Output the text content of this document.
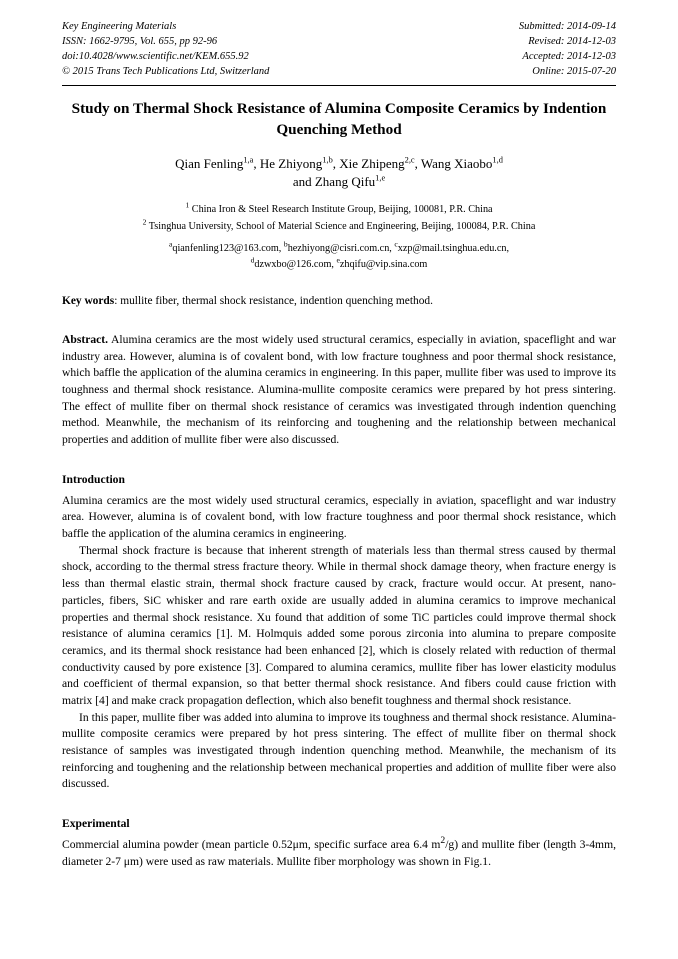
Key Engineering Materials
ISSN: 1662-9795, Vol. 655, pp 92-96
doi:10.4028/www.scientific.net/KEM.655.92
© 2015 Trans Tech Publications Ltd, Switzerland
Submitted: 2014-09-14
Revised: 2014-12-03
Accepted: 2014-12-03
Online: 2015-07-20
Study on Thermal Shock Resistance of Alumina Composite Ceramics by Indention Quenching Method
Qian Fenling$^{1,a}$, He Zhiyong$^{1,b}$, Xie Zhipeng$^{2,c}$, Wang Xiaobo$^{1,d}$
and Zhang Qifu$^{1,e}$
$^1$ China Iron & Steel Research Institute Group, Beijing, 100081, P.R. China
$^2$ Tsinghua University, School of Material Science and Engineering, Beijing, 100084, P.R. China
$^a$qianfenling123@163.com, $^b$hezhiyong@cisri.com.cn, $^c$xzp@mail.tsinghua.edu.cn,
$^d$dzwxbo@126.com, $^e$zhqifu@vip.sina.com
Key words: mullite fiber, thermal shock resistance, indention quenching method.
Abstract. Alumina ceramics are the most widely used structural ceramics, especially in aviation, spaceflight and war industry area. However, alumina is of covalent bond, with low fracture toughness and poor thermal shock resistance, which baffle the application of the alumina ceramics in engineering. In this paper, mullite fiber was used to improve its toughness and thermal shock resistance. Alumina-mullite composite ceramics were prepared by hot press sintering. The effect of mullite fiber on thermal shock resistance of ceramics was investigated through indention quenching method. Meanwhile, the mechanism of its reinforcing and toughening and the relationship between mechanical properties and addition of mullite fiber were also discussed.
Introduction

Alumina ceramics are the most widely used structural ceramics, especially in aviation, spaceflight and war industry area. However, alumina is of covalent bond, with low fracture toughness and poor thermal shock resistance, which baffle the application of the alumina ceramics in engineering.

Thermal shock fracture is because that inherent strength of materials less than thermal stress caused by thermal shock, according to the thermal stress fracture theory. While in thermal shock damage theory, when fracture energy is less than thermal elastic strain, thermal shock fracture caused by crack, fracture would occur. At present, nano-particles, fibers, SiC whisker and rare earth oxide are usually added in alumina ceramics to improve mechanical properties and thermal shock resistance. Xu found that addition of some TiC particles could improve thermal shock resistance of alumina ceramics [1]. M. Holmquis added some porous zirconia into alumina to prepare composite ceramics, and its thermal shock resistance had been enhanced [2], which is closely related with reduction of thermal conductivity caused by pore existence [3]. Compared to alumina ceramics, mullite fiber has lower elasticity modulus and coefficient of thermal expansion, so that better thermal shock resistance. And fibers could cause friction with matrix [4] and make crack propagation deflection, which also benefit toughness and thermal shock resistance.

In this paper, mullite fiber was added into alumina to improve its toughness and thermal shock resistance. Alumina-mullite composite ceramics were prepared by hot press sintering. The effect of mullite fiber on thermal shock resistance of samples was investigated through indention quenching method. Meanwhile, the mechanism of its reinforcing and toughening and the relationship between mechanical properties and addition of mullite fiber were also discussed.

Experimental

Commercial alumina powder (mean particle 0.52μm, specific surface area 6.4 $m^2/g$) and mullite fiber (length 3-4mm, diameter 2-7 μm) were used as raw materials. Mullite fiber morphology was shown in Fig.1.
